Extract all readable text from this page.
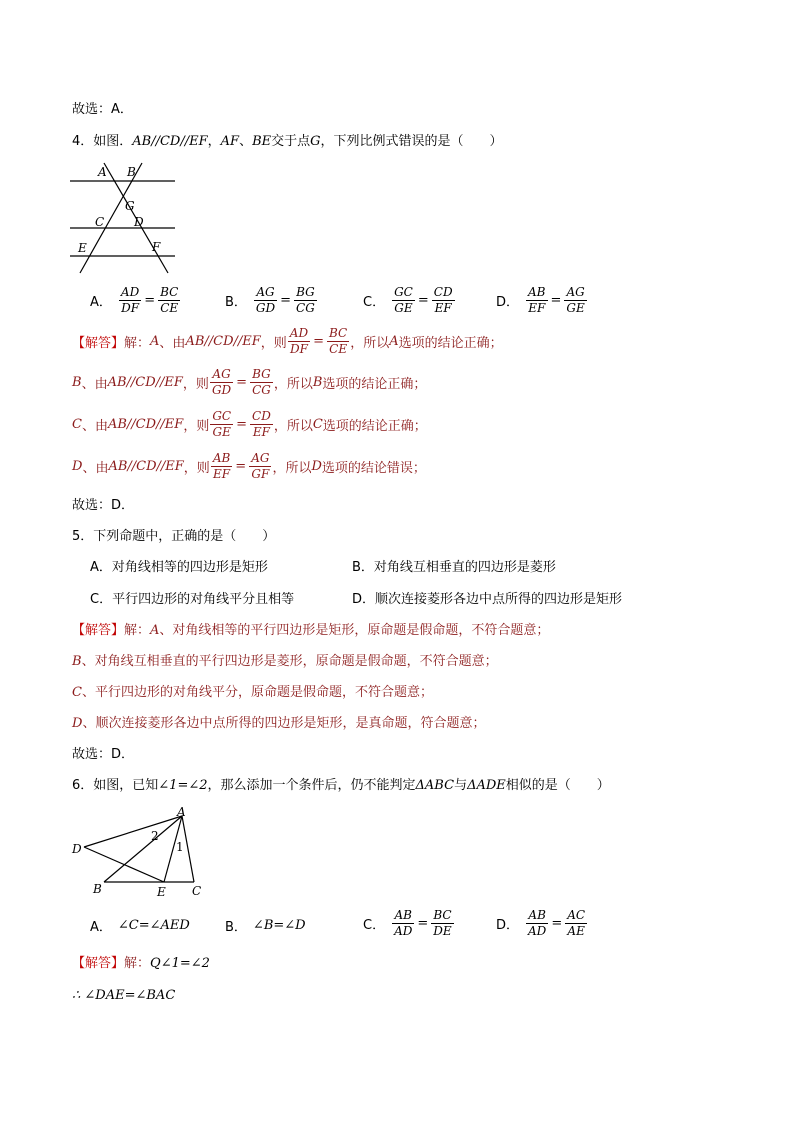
故选：A．
4．如图．AB//CD//EF，AF、BE交于点G，下列比例式错误的是（　　）
A B
G
C D
E	F
A． $\frac{AD}{DF} = \frac{BC}{CE}$	B． $\frac{AG}{GD} = \frac{BG}{CG}$	C． $\frac{GC}{GE} = \frac{CD}{EF}$	D． $\frac{AB}{EF} = \frac{AG}{GE}$
【解答】 解： A 、由 AB//CD//EF ，则 $\frac{AD}{DF} = \frac{BC}{CE}$ ，所以 A 选项的结论正确；
B 、由 AB//CD//EF ，则 $\frac{AG}{GD} = \frac{BG}{CG}$ ，所以 B 选项的结论正确；
C 、由 AB//CD//EF ，则 $\frac{GC}{GE} = \frac{CD}{EF}$ ，所以 C 选项的结论正确；
D 、由 AB//CD//EF ，则 $\frac{AB}{EF} = \frac{AG}{GF}$ ，所以 D 选项的结论错误；
故选：D．
5．下列命题中，正确的是（　　）
A．对角线相等的四边形是矩形	B．对角线互相垂直的四边形是菱形
C．平行四边形的对角线平分且相等	D．顺次连接菱形各边中点所得的四边形是矩形
【解答】解：A、对角线相等的平行四边形是矩形，原命题是假命题，不符合题意；
B、对角线互相垂直的平行四边形是菱形，原命题是假命题，不符合题意；
C、平行四边形的对角线平分，原命题是假命题，不符合题意；
D、顺次连接菱形各边中点所得的四边形是矩形，是真命题，符合题意；
故选：D．
6．如图，已知∠1=∠2，那么添加一个条件后，仍不能判定ΔABC与ΔADE相似的是（　　）
A
2
1
D
B	E C
A． ∠C=∠AED	B． ∠B=∠D	C． $\frac{AB}{AD} = \frac{BC}{DE}$	D． $\frac{AB}{AD} = \frac{AC}{AE}$
【解答】解：Q∠1=∠2
∴ ∠DAE=∠BAC
